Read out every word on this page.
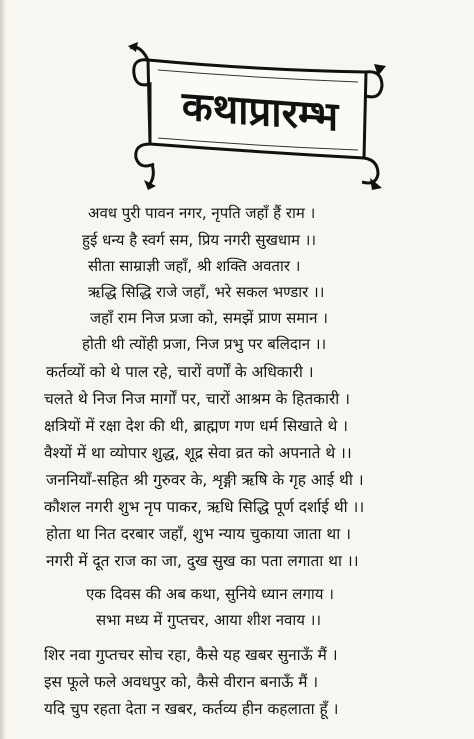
कथाप्रारम्भ
अवध पुरी पावन नगर, नृपति जहाँ हैं राम ।
हुई धन्य है स्वर्ग सम, प्रिय नगरी सुखधाम ।।
सीता साम्राज्ञी जहाँ, श्री शक्ति अवतार ।
ऋद्धि सिद्धि राजे जहाँ, भरे सकल भण्डार ।।
जहाँ राम निज प्रजा को, समझें प्राण समान ।
होती थी त्योंही प्रजा, निज प्रभु पर बलिदान ।।
कर्तव्यों को थे पाल रहे, चारों वर्णों के अधिकारी ।
चलते थे निज निज मार्गों पर, चारों आश्रम के हितकारी ।
क्षत्रियों में रक्षा देश की थी, ब्राह्मण गण धर्म सिखाते थे ।
वैश्यों में था व्योपार शुद्ध, शूद्र सेवा व्रत को अपनाते थे ।।
जननियाँ-सहित श्री गुरुवर के, शृङ्गी ऋषि के गृह आई थी ।
कौशल नगरी शुभ नृप पाकर, ऋधि सिद्धि पूर्ण दर्शाई थी ।।
होता था नित दरबार जहाँ, शुभ न्याय चुकाया जाता था ।
नगरी में दूत राज का जा, दुख सुख का पता लगाता था ।।
एक दिवस की अब कथा, सुनिये ध्यान लगाय ।
सभा मध्य में गुप्तचर, आया शीश नवाय ।।
शिर नवा गुप्तचर सोच रहा, कैसे यह खबर सुनाऊँ मैं ।
इस फूले फले अवधपुर को, कैसे वीरान बनाऊँ मैं ।
यदि चुप रहता देता न खबर, कर्तव्य हीन कहलाता हूँ ।
